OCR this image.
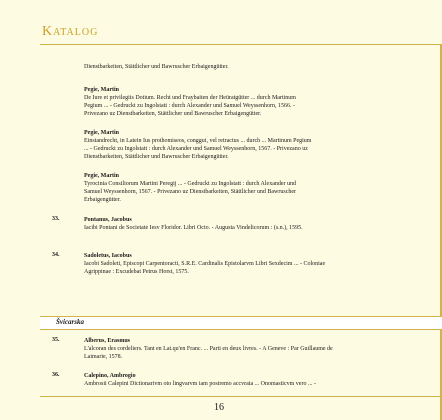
Katalog
Dienstbarkeiten, Stättlicher und Bawruscher Erbaigengütter.
Pegie, Martin
De Iure et privilegiis Dotium. Recht und Fraybaiten der Heüratgütter ... durch Martinum
Pegium ... - Gedruckt zu Ingolstatt : durch Alexander und Samuel Weyssenhorn, 1566. -
Privezano uz Dienstbarkeiten, Stättlicher und Bawruscher Erbaigengütter.
Pegie, Martin
Einstandrecht, in Latein Ius prothomiseos, conggui, vel retractus ... durch ... Martinum Pegium
... - Gedruckt zu Ingolstatt : durch Alexander und Samuel Weyssenhorn, 1567. - Privezano uz
Dienstbarkeiten, Stättlicher und Bawruscher Erbaigengütter.
Pegie, Martin
Tyrocinia Consiliorum Martini Peregij ... - Gedruckt zu Ingolstatt : durch Alexander und
Samuel Weyssenhorn, 1567. - Privezano uz Dienstbarkeiten, Stättlicher und Bawruscher
Erbaigengütter.
33.	Pontanus, Jacobus
Iacibi Pontani de Societate Iesv Floridor. Libri Octo. - Augusta Vindelicorum : (s.n.), 1595.
34.	Sadoletus, Iacobus
Iacobi Sadoleti, Episcopi Carpentoracti, S.R.E. Cardinalis Epistolarvm Libri Sexdecim ... - Coloniae
Agrippinae : Excudebat Petrus Horst, 1575.
Švicarska
35.	Alberus, Erasmus
L'alcoran des cordeliers. Tant en Lat.qu'en Franc. ... Parti en deux livres. - A Geneve : Par Guillaume de
Laimarie, 1578.
36.	Calepino, Ambrogio
Ambrosii Calepini Dictionarivm oto lingvarvm iam postremo accvrata ... Onomasticvm vero ... -
16
